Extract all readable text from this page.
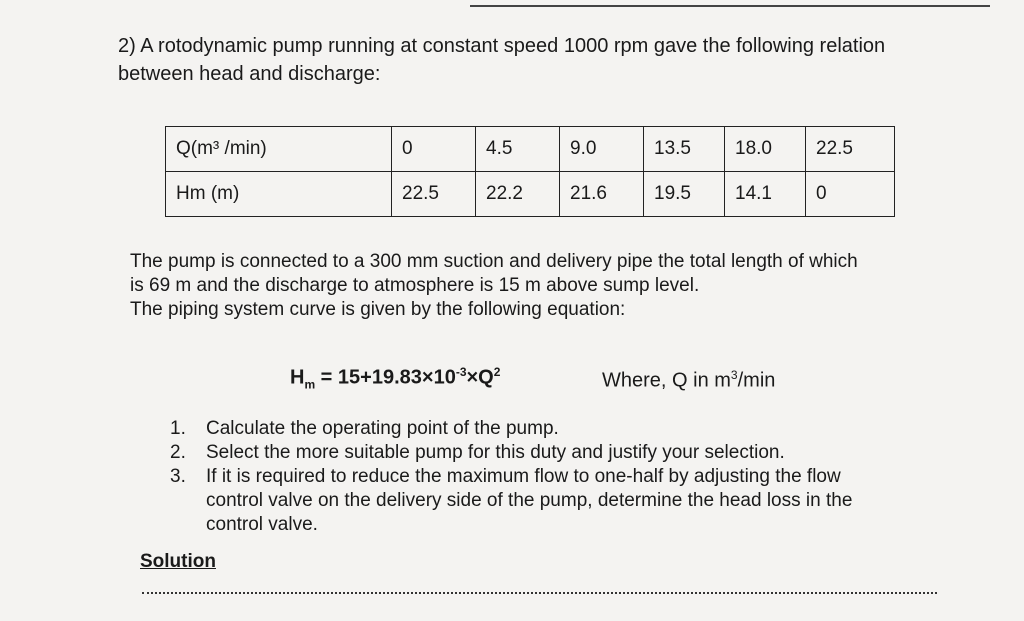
2) A rotodynamic pump running at constant speed 1000 rpm gave the following relation
between head and discharge:
Q(m³ /min)	0	4.5	9.0	13.5	18.0	22.5
Hm (m)	22.5	22.2	21.6	19.5	14.1	0
The pump is connected to a 300 mm suction and delivery pipe the total length of which
is 69 m and the discharge to atmosphere is 15 m above sump level.
The piping system curve is given by the following equation:
$H_m = 15+19.83\times 10^{-3}\times Q^2$	Where, Q in $m^3/\min$
1. Calculate the operating point of the pump.
2. Select the more suitable pump for this duty and justify your selection.
3. If it is required to reduce the maximum flow to one-half by adjusting the flow
control valve on the delivery side of the pump, determine the head loss in the
control valve.
Solution
